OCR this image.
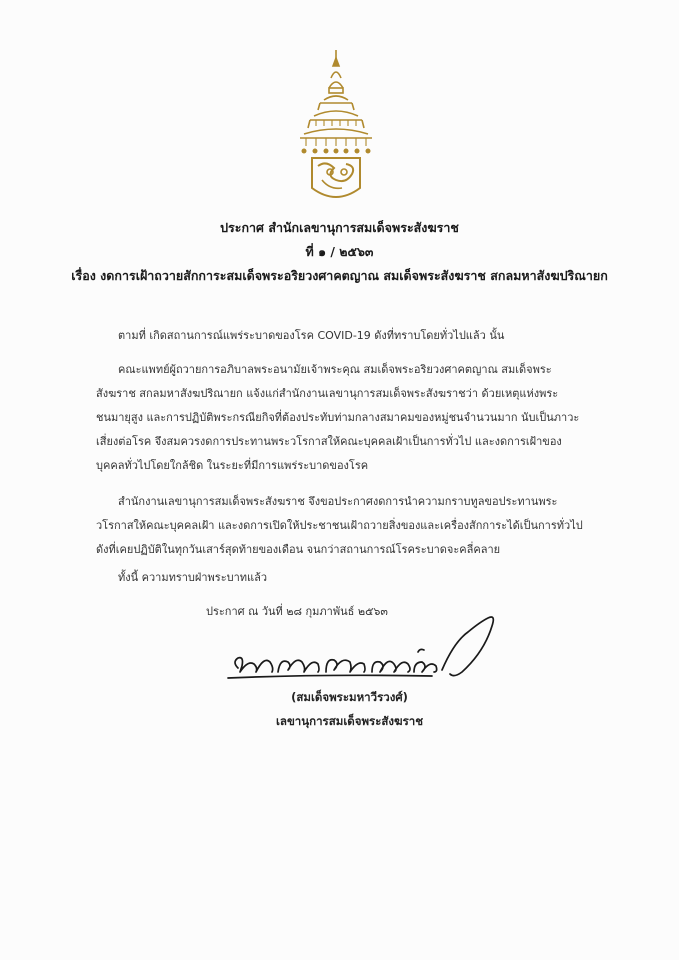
ประกาศ สำนักเลขานุการสมเด็จพระสังฆราช
ที่ ๑ / ๒๕๖๓
เรื่อง งดการเฝ้าถวายสักการะสมเด็จพระอริยวงศาคตญาณ สมเด็จพระสังฆราช สกลมหาสังฆปริณายก
ตามที่ เกิดสถานการณ์แพร่ระบาดของโรค COVID-19 ดังที่ทราบโดยทั่วไปแล้ว นั้น
คณะแพทย์ผู้ถวายการอภิบาลพระอนามัยเจ้าพระคุณ สมเด็จพระอริยวงศาคตญาณ สมเด็จพระสังฆราช สกลมหาสังฆปริณายก แจ้งแก่สำนักงานเลขานุการสมเด็จพระสังฆราชว่า ด้วยเหตุแห่งพระชนมายุสูง และการปฏิบัติพระกรณียกิจที่ต้องประทับท่ามกลางสมาคมของหมู่ชนจำนวนมาก นับเป็นภาวะเสี่ยงต่อโรค จึงสมควรงดการประทานพระวโรกาสให้คณะบุคคลเฝ้าเป็นการทั่วไป และงดการเฝ้าของบุคคลทั่วไปโดยใกล้ชิด ในระยะที่มีการแพร่ระบาดของโรค
สำนักงานเลขานุการสมเด็จพระสังฆราช จึงขอประกาศงดการนำความกราบทูลขอประทานพระวโรกาสให้คณะบุคคลเฝ้า และงดการเปิดให้ประชาชนเฝ้าถวายสิ่งของและเครื่องสักการะได้เป็นการทั่วไปดังที่เคยปฏิบัติในทุกวันเสาร์สุดท้ายของเดือน จนกว่าสถานการณ์โรคระบาดจะคลี่คลาย
ทั้งนี้ ความทราบฝ่าพระบาทแล้ว
ประกาศ ณ วันที่ ๒๘ กุมภาพันธ์ ๒๕๖๓
(สมเด็จพระมหาวีรวงศ์)
เลขานุการสมเด็จพระสังฆราช
